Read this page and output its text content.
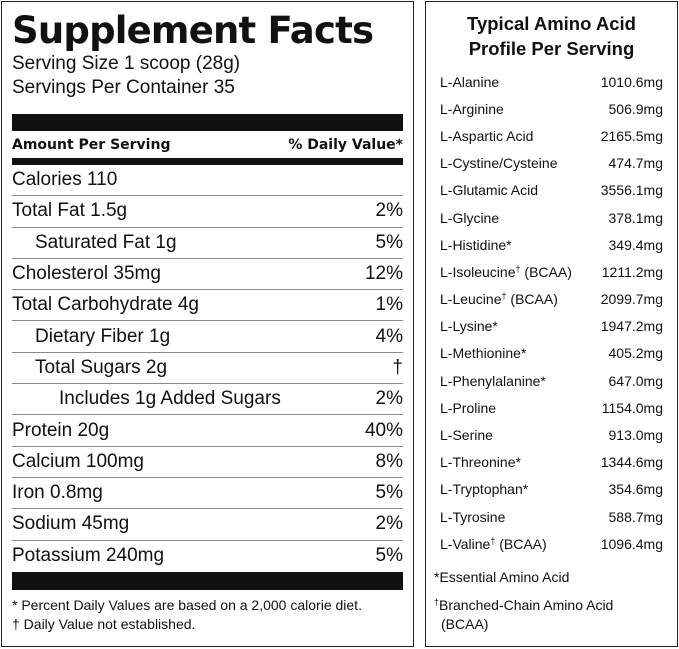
Supplement Facts
Serving Size 1 scoop (28g)
Servings Per Container 35
Amount Per Serving	% Daily Value*
Calories 110
Total Fat 1.5g	2%
Saturated Fat 1g	5%
Cholesterol 35mg	12%
Total Carbohydrate 4g	1%
Dietary Fiber 1g	4%
Total Sugars 2g	†
Includes 1g Added Sugars	2%
Protein 20g	40%
Calcium 100mg	8%
Iron 0.8mg	5%
Sodium 45mg	2%
Potassium 240mg	5%
* Percent Daily Values are based on a 2,000 calorie diet.
† Daily Value not established.
Typical Amino Acid
Profile Per Serving
L-Alanine	1010.6mg
L-Arginine	506.9mg
L-Aspartic Acid	2165.5mg
L-Cystine/Cysteine	474.7mg
L-Glutamic Acid	3556.1mg
L-Glycine	378.1mg
L-Histidine*	349.4mg
L-Isoleucine† (BCAA) 1211.2mg
L-Leucine† (BCAA)	2099.7mg
L-Lysine*	1947.2mg
L-Methionine*	405.2mg
L-Phenylalanine*	647.0mg
L-Proline	1154.0mg
L-Serine	913.0mg
L-Threonine*	1344.6mg
L-Tryptophan*	354.6mg
L-Tyrosine	588.7mg
L-Valine† (BCAA)	1096.4mg
*Essential Amino Acid
†Branched-Chain Amino Acid
(BCAA)
